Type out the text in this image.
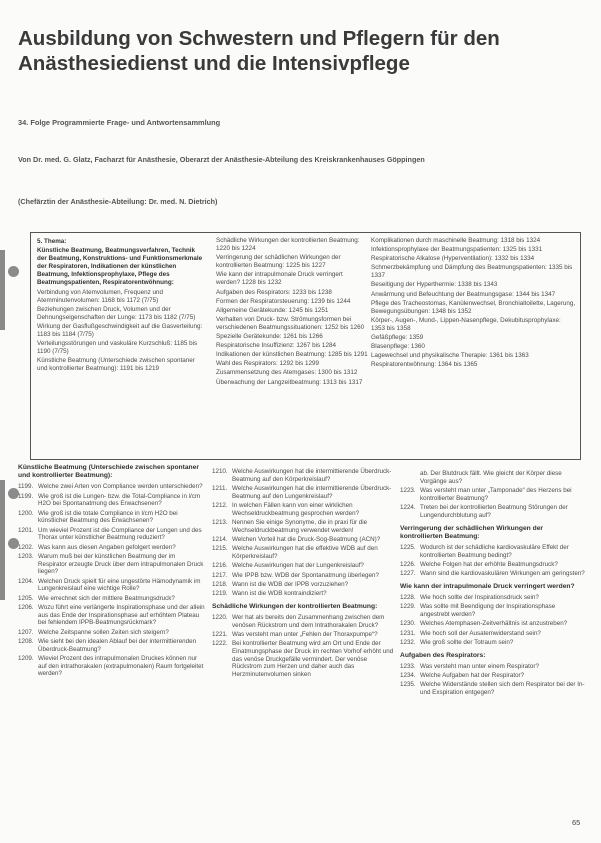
Ausbildung von Schwestern und Pflegern für den Anästhesiedienst und die Intensivpflege
34. Folge Programmierte Frage- und Antwortensammlung
Von Dr. med. G. Glatz, Facharzt für Anästhesie, Oberarzt der Anästhesie-Abteilung des Kreiskrankenhauses Göppingen
(Chefärztin der Anästhesie-Abteilung: Dr. med. N. Dietrich)

5. Thema:

Künstliche Beatmung, Beatmungsverfahren, Technik der Beatmung, Konstruktions- und Funktionsmerkmale der Respiratoren, Indikationen der künstlichen Beatmung, Infektionsprophylaxe, Pflege des Beatmungspatienten, Respiratorentwöhnung:

Verbindung von Atemvolumen, Frequenz und Atemminutenvolumen: 1168 bis 1172 (7/75)

Beziehungen zwischen Druck, Volumen und der Dehnungseigenschaften der Lunge: 1173 bis 1182 (7/75)

Wirkung der Gasflußgeschwindigkeit auf die Gasverteilung: 1183 bis 1184 (7/75)

Verteilungsstörungen und vaskuläre Kurzschluß: 1185 bis 1190 (7/75)

Künstliche Beatmung (Unterschiede zwischen spontaner und kontrollierter Beatmung): 1191 bis 1219

Schädliche Wirkungen der kontrollierten Beatmung: 1220 bis 1224

Verringerung der schädlichen Wirkungen der kontrollierten Beatmung: 1225 bis 1227

Wie kann der intrapulmonale Druck verringert werden? 1228 bis 1232

Aufgaben des Respirators: 1233 bis 1238

Formen der Respiratorsteuerung: 1239 bis 1244

Allgemeine Gerätekunde: 1245 bis 1251

Verhalten von Druck- bzw. Strömungsformen bei verschiedenen Beatmungssituationen: 1252 bis 1260

Spezielle Gerätekunde: 1261 bis 1266

Respiratorische Insuffizienz: 1267 bis 1284

Indikationen der künstlichen Beatmung: 1285 bis 1291

Wahl des Respirators: 1292 bis 1299

Zusammensetzung des Atemgases: 1300 bis 1312

Überwachung der Langzeitbeatmung: 1313 bis 1317

Komplikationen durch maschinelle Beatmung: 1318 bis 1324

Infektionsprophylaxe der Beatmungspatienten: 1325 bis 1331

Respiratorische Alkalose (Hyperventilation): 1332 bis 1334

Schmerzbekämpfung und Dämpfung des Beatmungspatienten: 1335 bis 1337

Beseitigung der Hyperthermie: 1338 bis 1343

Anwärmung und Befeuchtung der Beatmungsgase: 1344 bis 1347

Pflege des Tracheostomas, Kanülenwechsel, Bronchialtoilette, Lagerung, Bewegungsübungen: 1348 bis 1352

Körper-, Augen-, Mund-, Lippen-Nasenpflege, Dekubitusprophylaxe: 1353 bis 1358

Gefäßpflege: 1359

Blasenpflege: 1360

Lagewechsel und physikalische Therapie: 1361 bis 1363

Respiratorentwöhnung: 1364 bis 1365

Künstliche Beatmung (Unterschiede zwischen spontaner und kontrollierter Beatmung):
1199. Welche zwei Arten von Compliance werden unterschieden?
1199. Wie groß ist die Lungen- bzw. die Total-Compliance in l/cm H2O bei Spontanatmung des Erwachsenen?
1200. Wie groß ist die totale Compliance in l/cm H2O bei künstlicher Beatmung des Erwachsenen?
1201. Um wieviel Prozent ist die Compliance der Lungen und des Thorax unter künstlicher Beatmung reduziert?
1202. Was kann aus diesen Angaben gefolgert werden?
1203. Warum muß bei der künstlichen Beatmung der im Respirator erzeugte Druck über dem intrapulmonalen Druck liegen?
1204. Welchen Druck spielt für eine ungestörte Hämodynamik im Lungenkreislauf eine wichtige Rolle?
1205. Wie errechnet sich der mittlere Beatmungsdruck?
1206. Wozu führt eine verlängerte Inspirationsphase und der allein aus das Ende der Inspirationsphase auf erhöhtem Plateau bei fehlendem IPPB-Beatmungsrückmark?
1207. Welche Zeitspanne sollen Zeiten sich steigern?
1208. Wie sieht bei den idealen Ablauf bei der intermittierenden Überdruck-Beatmung?
1209. Wieviel Prozent des intrapulmonalen Druckes können nur auf den intrathorakalen (extrapulmonalen) Raum fortgeleitet werden?
1210. Welche Auswirkungen hat die intermittierende Überdruck-Beatmung auf den Körperkreislauf?
1211. Welche Auswirkungen hat die intermittierende Überdruck-Beatmung auf den Lungenkreislauf?
1212. In welchen Fällen kann von einer wirklichen Wechseldruckbeatmung gesprochen werden?
1213. Nennen Sie einige Synonyme, die in praxi für die Wechseldruckbeatmung verwendet werden!
1214. Welchen Vorteil hat die Druck-Sog-Beatmung (ACN)?
1215. Welche Auswirkungen hat die effektive WDB auf den Körperkreislauf?
1216. Welche Auswirkungen hat der Lungenkreislauf?
1217. Wie IPPB bzw. WDB der Spontanatmung überlegen?
1218. Wann ist die WDB der IPPB vorzuziehen?
1219. Wann ist die WDB kontraindiziert?
Schädliche Wirkungen der kontrollierten Beatmung:
1220. Wer hat als bereits den Zusammenhang zwischen dem venösen Rückstrom und dem Intrathorakalen Druck?
1221. Was versteht man unter „Fehlen der Thoraxpumpe“?
1222. Bei kontrollierter Beatmung wird am Ort und Ende der Einatmungsphase der Druck im rechten Vorhof erhöht und das venöse Druckgefälle vermindert. Der venöse Rückstrom zum Herzen und daher auch das Herzminutenvolumen sinken
ab. Der Blutdruck fällt. Wie gleicht der Körper diese Vorgänge aus?
1223. Was versteht man unter „Tamponade“ des Herzens bei kontrollierter Beatmung?
1224. Treten bei der kontrollierten Beatmung Störungen der Lungendurchblutung auf?
Verringerung der schädlichen Wirkungen der kontrollierten Beatmung:
1225. Wodurch ist der schädliche kardiovaskuläre Effekt der kontrollierten Beatmung bedingt?
1226. Welche Folgen hat der erhöhte Beatmungsdruck?
1227. Wann sind die kardiovaskulären Wirkungen am geringsten?
Wie kann der intrapulmonale Druck verringert werden?
1228. Wie hoch sollte der Inspirationsdruck sein?
1229. Was sollte mit Beendigung der Inspirationsphase angestrebt werden?
1230. Welches Atemphasen-Zeitverhältnis ist anzustreben?
1231. Wie hoch soll der Ausatemwiderstand sein?
1232. Wie groß sollte der Totraum sein?
Aufgaben des Respirators:
1233. Was versteht man unter einem Respirator?
1234. Welche Aufgaben hat der Respirator?
1235. Welche Widerstände stellen sich dem Respirator bei der In- und Exspiration entgegen?
65
